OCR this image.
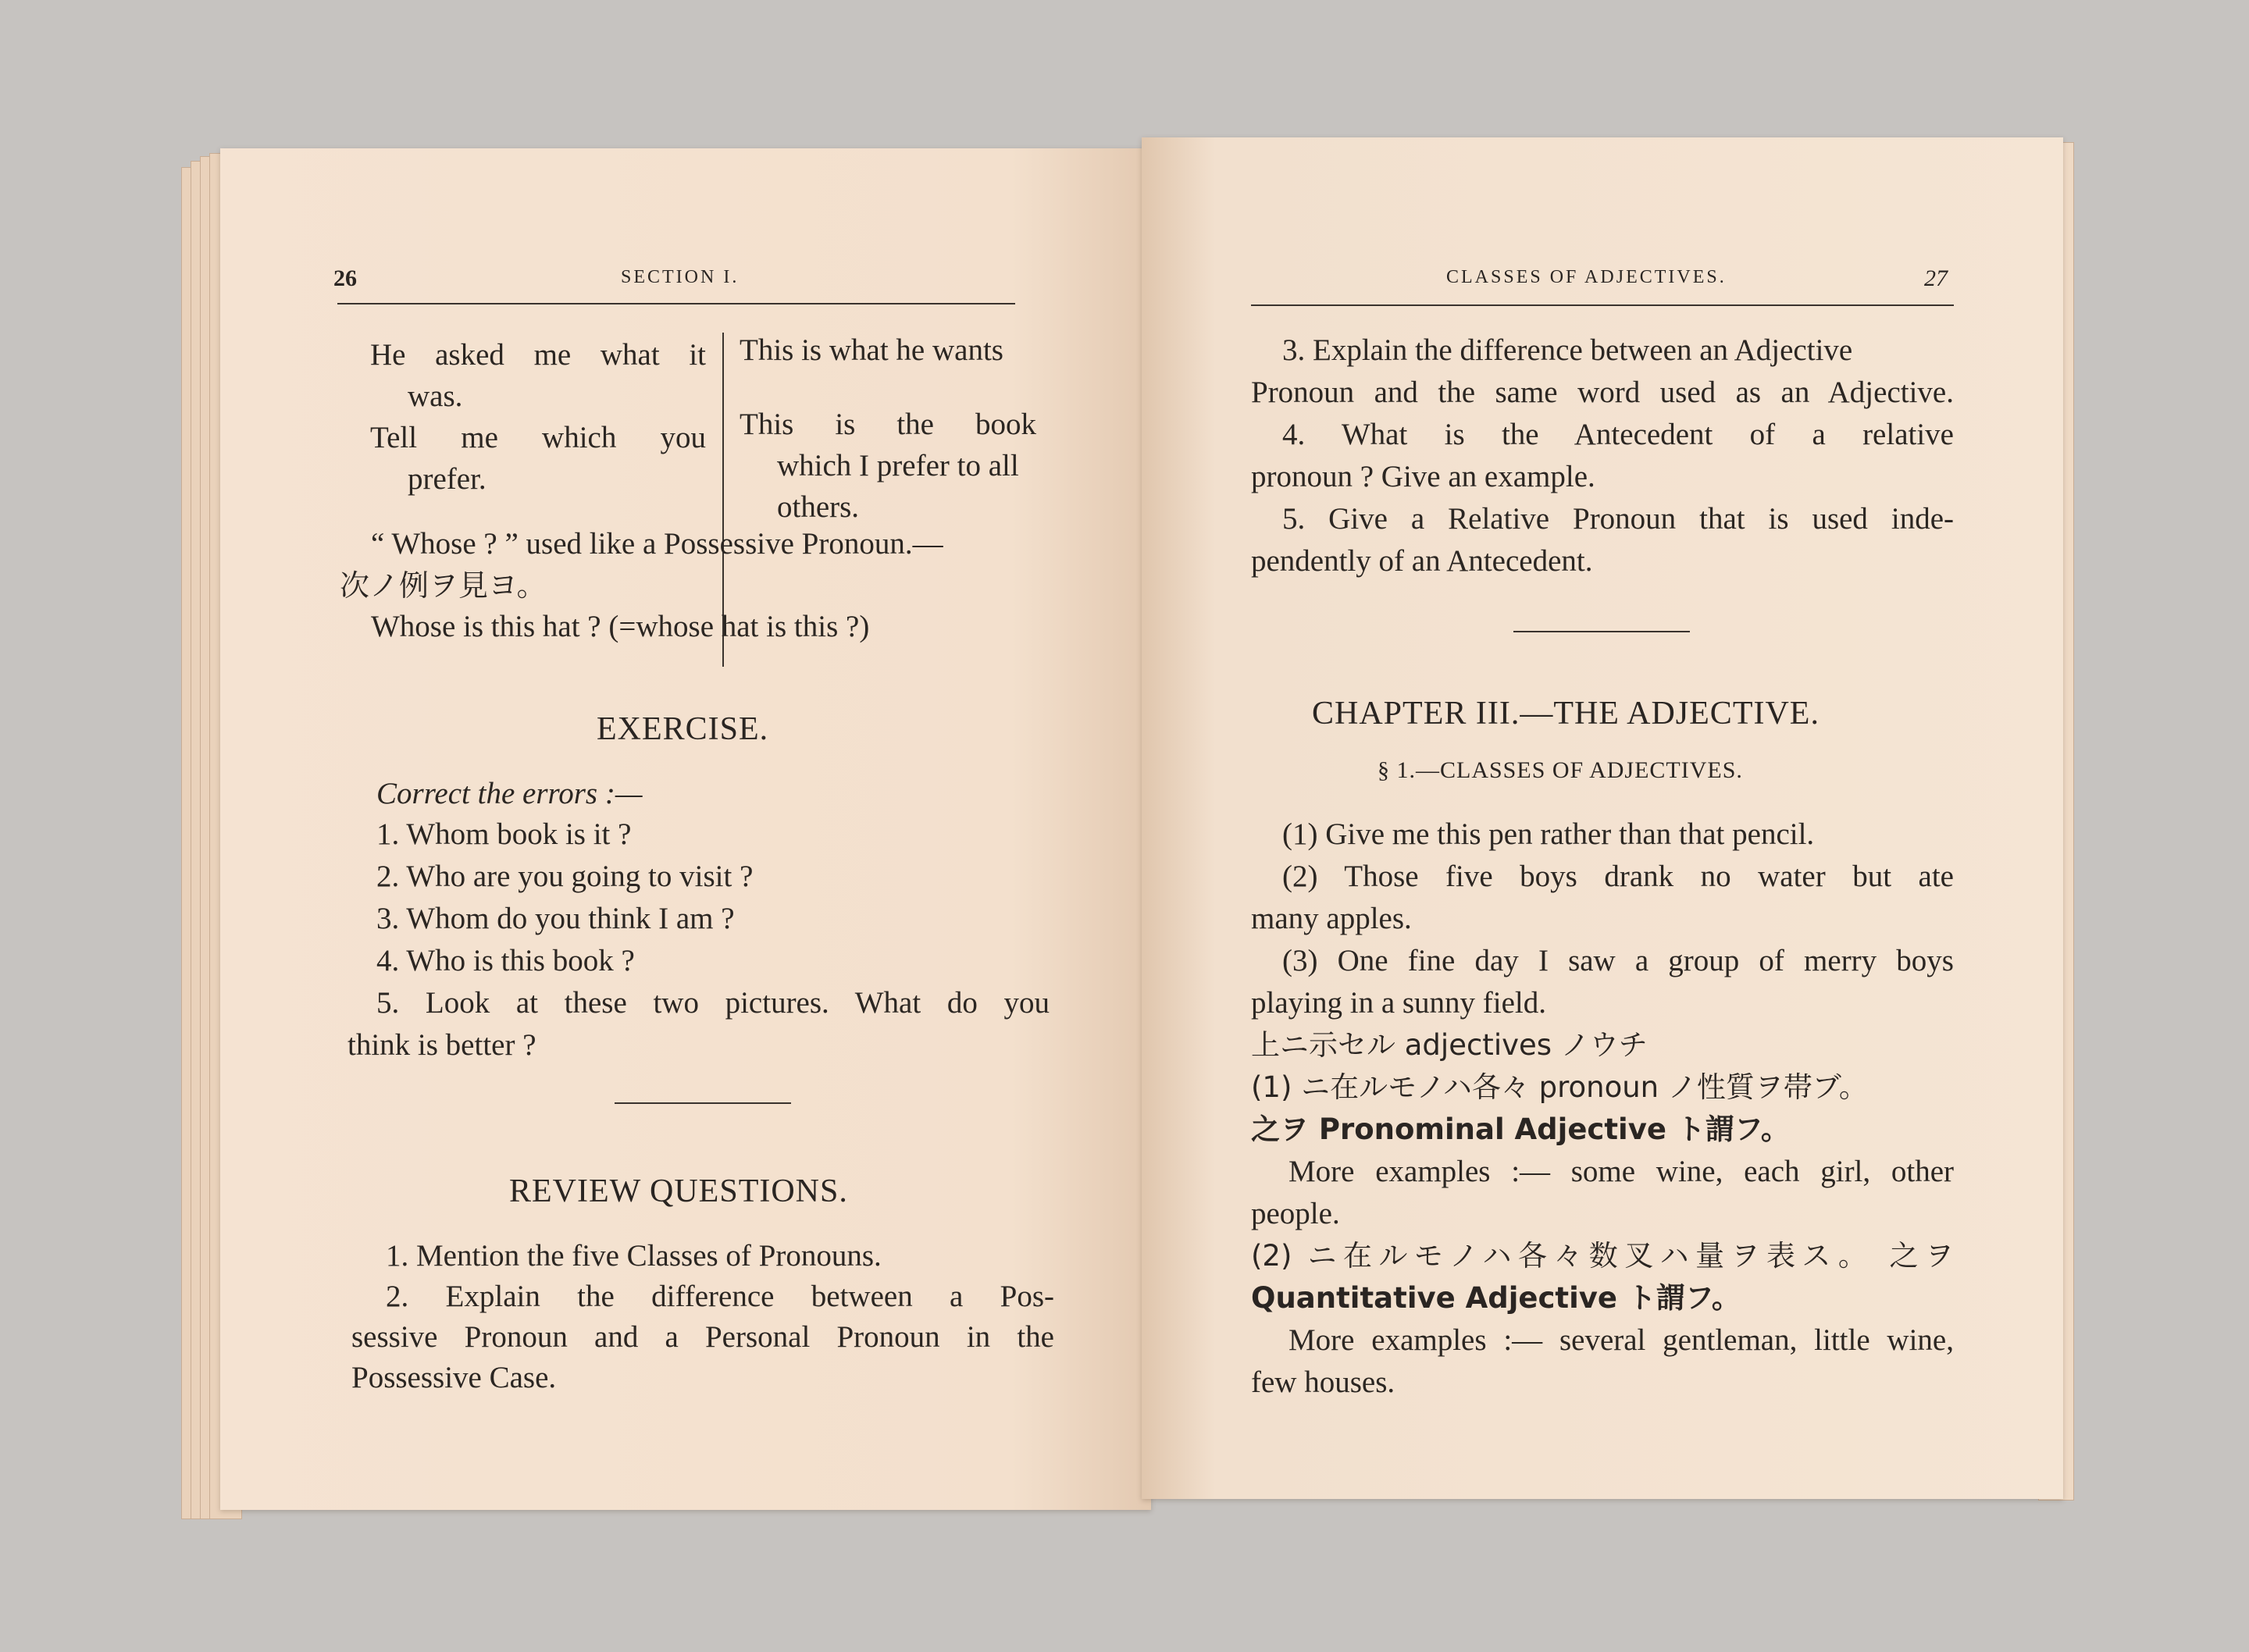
26	SECTION I.
He asked me what it
was.
Tell me which you
prefer.
This is what he wants
This is the book
which I prefer to all
others.
“ Whose ? ” used like a Possessive Pronoun.—
次ノ例ヲ見ヨ。
Whose is this hat ? (=whose hat is this ?)
EXERCISE.
Correct the errors :—
1. Whom book is it ?
2. Who are you going to visit ?
3. Whom do you think I am ?
4. Who is this book ?
5. Look at these two pictures. What do you
think is better ?
REVIEW QUESTIONS.
1. Mention the five Classes of Pronouns.
2. Explain the difference between a Pos-
sessive Pronoun and a Personal Pronoun in the
Possessive Case.
CLASSES OF ADJECTIVES.	27
3. Explain the difference between an Adjective
Pronoun and the same word used as an Adjective.
4. What is the Antecedent of a relative
pronoun ? Give an example.
5. Give a Relative Pronoun that is used inde-
pendently of an Antecedent.
CHAPTER III.—THE ADJECTIVE.
§ 1.—CLASSES OF ADJECTIVES.
(1) Give me this pen rather than that pencil.
(2) Those five boys drank no water but ate
many apples.
(3) One fine day I saw a group of merry boys
playing in a sunny field.
上ニ示セル adjectives ノウチ
(1) ニ在ルモノハ各々 pronoun ノ性質ヲ帯ブ。
之ヲ Pronominal Adjective ト謂フ。
More examples :— some wine, each girl, other
people.
(2) ニ在ルモノハ各々数叉ハ量ヲ表ス。 之ヲ
Quantitative Adjective ト謂フ。
More examples :— several gentleman, little wine,
few houses.
